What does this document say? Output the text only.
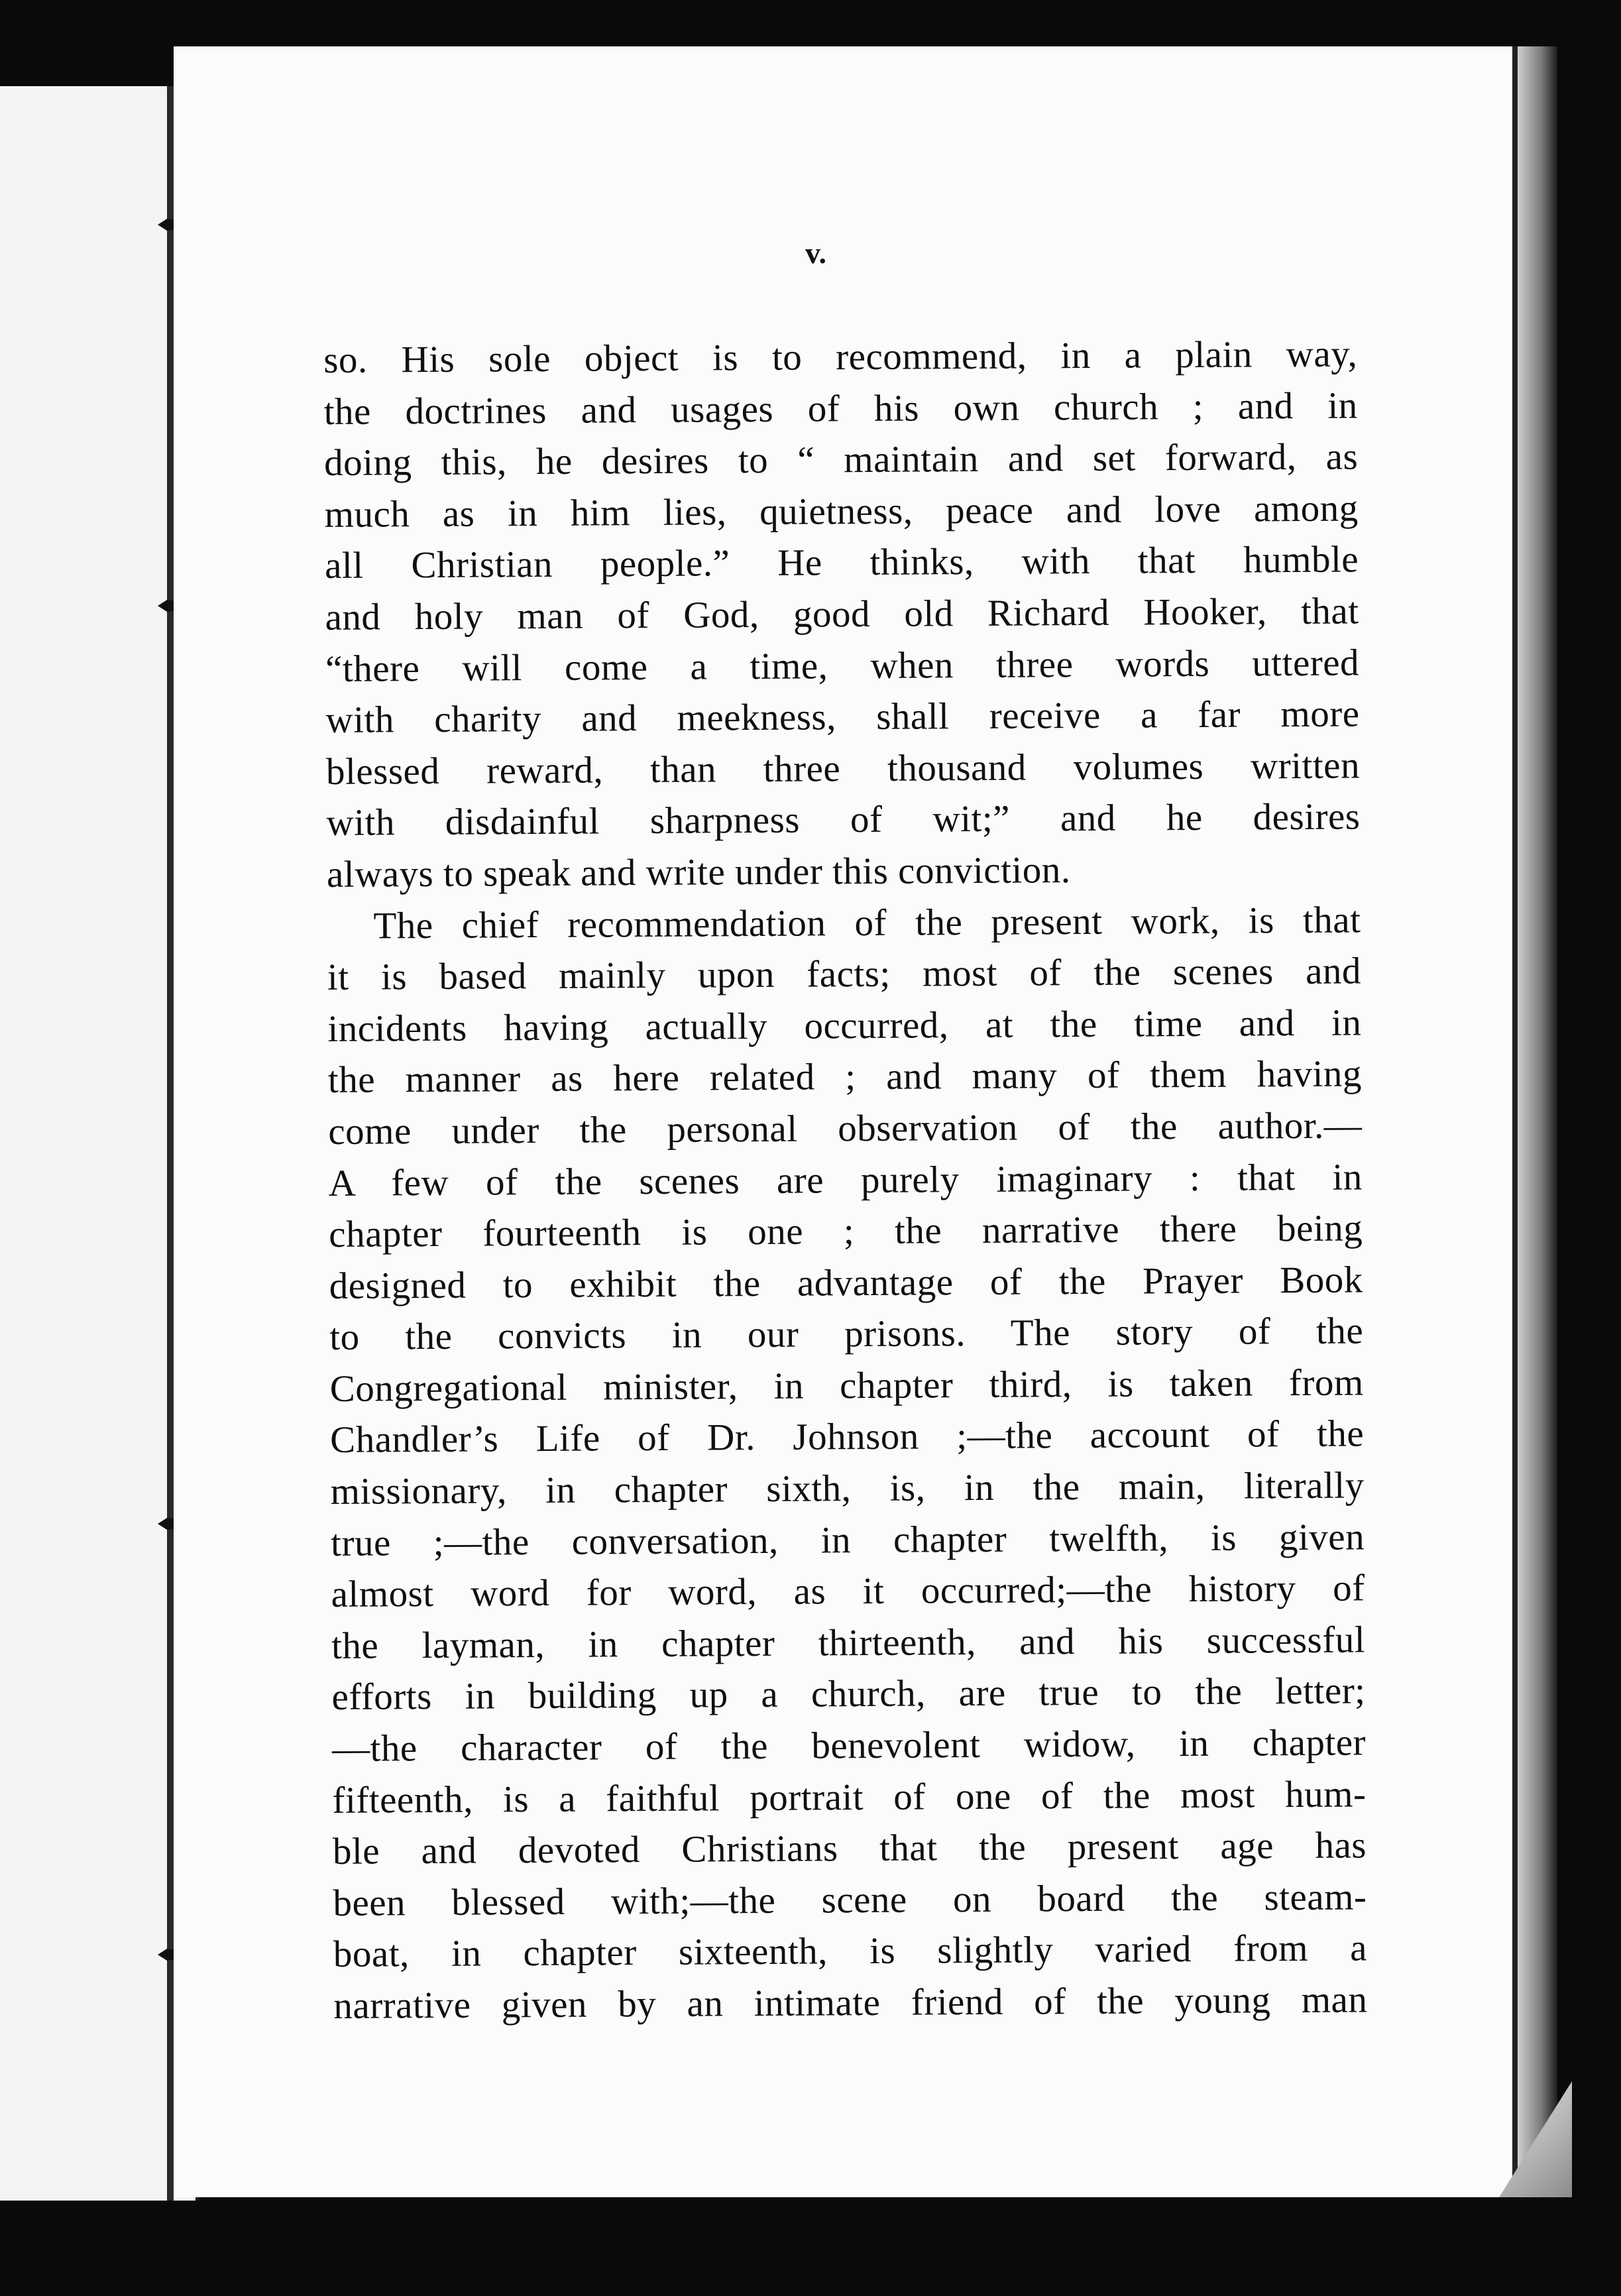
v.
so. His sole object is to recommend, in a plain way,
the doctrines and usages of his own church ; and in
doing this, he desires to “ maintain and set forward, as
much as in him lies, quietness, peace and love among
all Christian people.” He thinks, with that humble
and holy man of God, good old Richard Hooker, that
“there will come a time, when three words uttered
with charity and meekness, shall receive a far more
blessed reward, than three thousand volumes written
with disdainful sharpness of wit;” and he desires
always to speak and write under this conviction.
The chief recommendation of the present work, is that
it is based mainly upon facts; most of the scenes and
incidents having actually occurred, at the time and in
the manner as here related ; and many of them having
come under the personal observation of the author.—
A few of the scenes are purely imaginary : that in
chapter fourteenth is one ; the narrative there being
designed to exhibit the advantage of the Prayer Book
to the convicts in our prisons. The story of the
Congregational minister, in chapter third, is taken from
Chandler’s Life of Dr. Johnson ;—the account of the
missionary, in chapter sixth, is, in the main, literally
true ;—the conversation, in chapter twelfth, is given
almost word for word, as it occurred;—the history of
the layman, in chapter thirteenth, and his successful
efforts in building up a church, are true to the letter;
—the character of the benevolent widow, in chapter
fifteenth, is a faithful portrait of one of the most hum-
ble and devoted Christians that the present age has
been blessed with;—the scene on board the steam-
boat, in chapter sixteenth, is slightly varied from a
narrative given by an intimate friend of the young man
